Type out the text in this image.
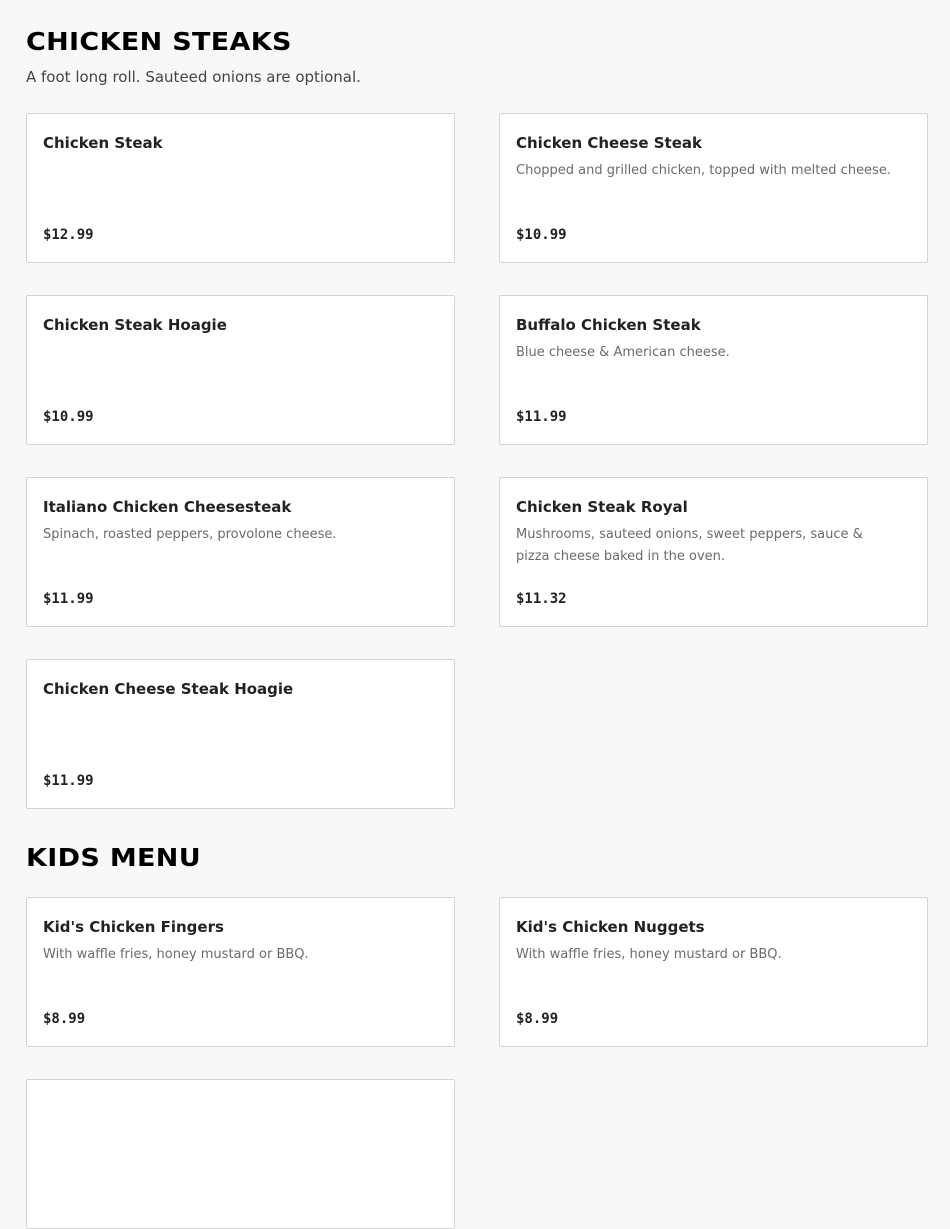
CHICKEN STEAKS

A foot long roll. Sauteed onions are optional.

Chicken Steak

$12.99

Chicken Cheese Steak

Chopped and grilled chicken, topped with melted cheese.

$10.99

Chicken Steak Hoagie

$10.99

Buffalo Chicken Steak

Blue cheese & American cheese.

$11.99

Italiano Chicken Cheesesteak

Spinach, roasted peppers, provolone cheese.

$11.99

Chicken Steak Royal

Mushrooms, sauteed onions, sweet peppers, sauce & pizza cheese baked in the oven.

$11.32

Chicken Cheese Steak Hoagie

$11.99

KIDS MENU

Kid's Chicken Fingers

With waffle fries, honey mustard or BBQ.

$8.99

Kid's Chicken Nuggets

With waffle fries, honey mustard or BBQ.

$8.99
